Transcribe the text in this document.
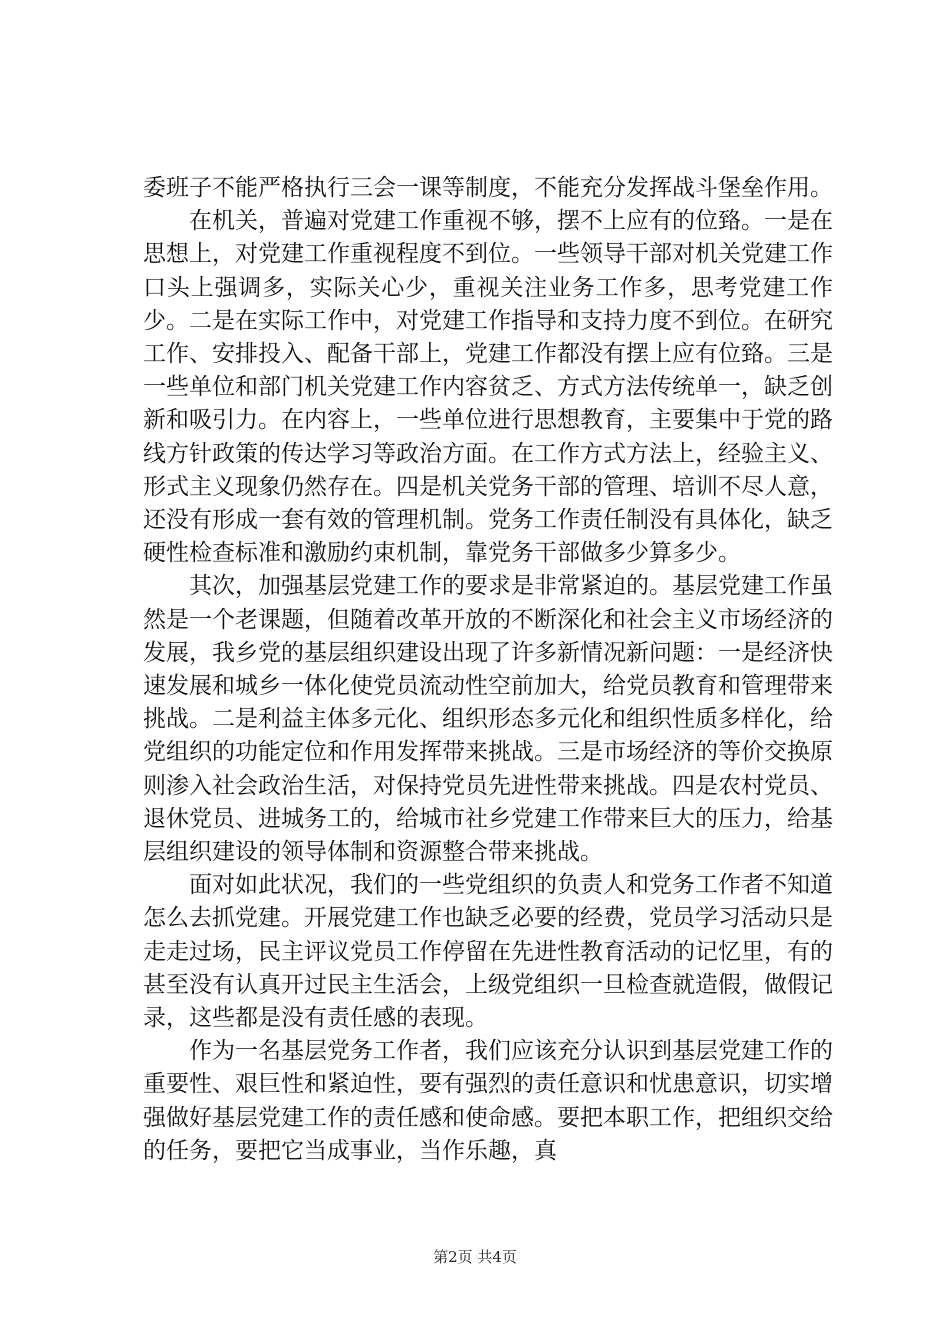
委班子不能严格执行三会一课等制度，不能充分发挥战斗堡垒作用。

在机关，普遍对党建工作重视不够，摆不上应有的位臵。一是在思想上，对党建工作重视程度不到位。一些领导干部对机关党建工作口头上强调多，实际关心少，重视关注业务工作多，思考党建工作少。二是在实际工作中，对党建工作指导和支持力度不到位。在研究工作、安排投入、配备干部上，党建工作都没有摆上应有位臵。三是一些单位和部门机关党建工作内容贫乏、方式方法传统单一，缺乏创新和吸引力。在内容上，一些单位进行思想教育，主要集中于党的路线方针政策的传达学习等政治方面。在工作方式方法上，经验主义、形式主义现象仍然存在。四是机关党务干部的管理、培训不尽人意，还没有形成一套有效的管理机制。党务工作责任制没有具体化，缺乏硬性检查标准和激励约束机制，靠党务干部做多少算多少。

其次，加强基层党建工作的要求是非常紧迫的。基层党建工作虽然是一个老课题，但随着改革开放的不断深化和社会主义市场经济的发展，我乡党的基层组织建设出现了许多新情况新问题：一是经济快速发展和城乡一体化使党员流动性空前加大，给党员教育和管理带来挑战。二是利益主体多元化、组织形态多元化和组织性质多样化，给党组织的功能定位和作用发挥带来挑战。三是市场经济的等价交换原则渗入社会政治生活，对保持党员先进性带来挑战。四是农村党员、退休党员、进城务工的，给城市社乡党建工作带来巨大的压力，给基层组织建设的领导体制和资源整合带来挑战。

面对如此状况，我们的一些党组织的负责人和党务工作者不知道怎么去抓党建。开展党建工作也缺乏必要的经费，党员学习活动只是走走过场，民主评议党员工作停留在先进性教育活动的记忆里，有的甚至没有认真开过民主生活会，上级党组织一旦检查就造假，做假记录，这些都是没有责任感的表现。

作为一名基层党务工作者，我们应该充分认识到基层党建工作的重要性、艰巨性和紧迫性，要有强烈的责任意识和忧患意识，切实增强做好基层党建工作的责任感和使命感。要把本职工作，把组织交给的任务，要把它当成事业，当作乐趣，真

第2页 共4页
